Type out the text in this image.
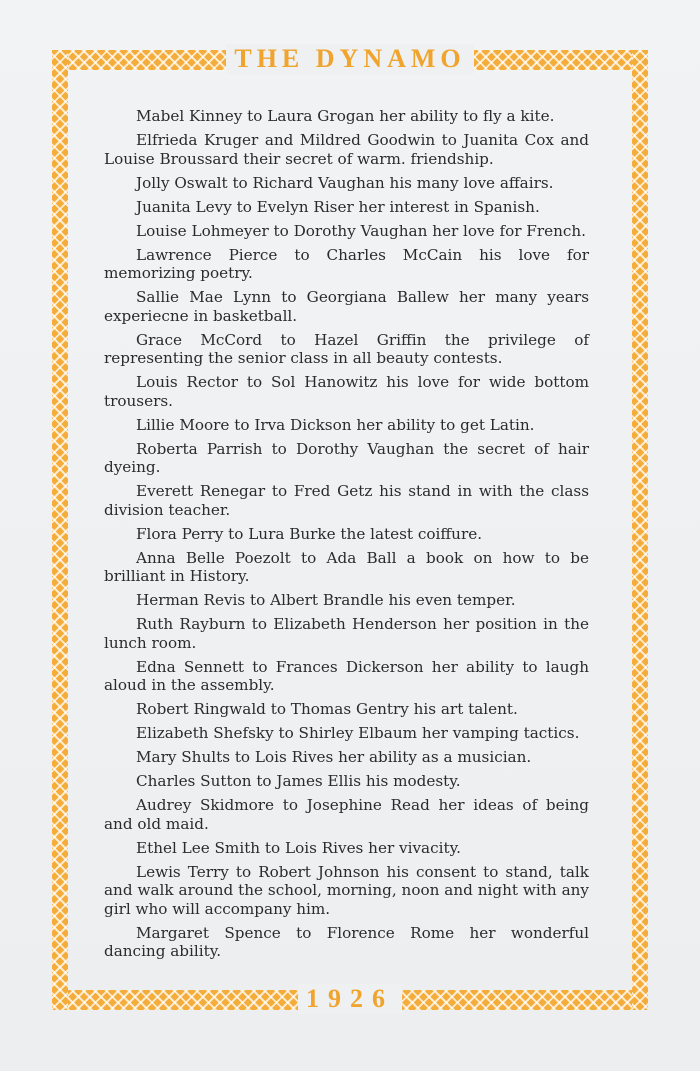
THE DYNAMO

Mabel Kinney to Laura Grogan her ability to fly a kite.

Elfrieda Kruger and Mildred Goodwin to Juanita Cox and Louise Broussard their secret of warm. friendship.

Jolly Oswalt to Richard Vaughan his many love affairs.

Juanita Levy to Evelyn Riser her interest in Spanish.

Louise Lohmeyer to Dorothy Vaughan her love for French.

Lawrence Pierce to Charles McCain his love for memorizing poetry.

Sallie Mae Lynn to Georgiana Ballew her many years experiecne in basketball.

Grace McCord to Hazel Griffin the privilege of representing the senior class in all beauty contests.

Louis Rector to Sol Hanowitz his love for wide bottom trousers.

Lillie Moore to Irva Dickson her ability to get Latin.

Roberta Parrish to Dorothy Vaughan the secret of hair dyeing.

Everett Renegar to Fred Getz his stand in with the class division teacher.

Flora Perry to Lura Burke the latest coiffure.

Anna Belle Poezolt to Ada Ball a book on how to be brilliant in History.

Herman Revis to Albert Brandle his even temper.

Ruth Rayburn to Elizabeth Henderson her position in the lunch room.

Edna Sennett to Frances Dickerson her ability to laugh aloud in the assembly.

Robert Ringwald to Thomas Gentry his art talent.

Elizabeth Shefsky to Shirley Elbaum her vamping tactics.

Mary Shults to Lois Rives her ability as a musician.

Charles Sutton to James Ellis his modesty.

Audrey Skidmore to Josephine Read her ideas of being and old maid.

Ethel Lee Smith to Lois Rives her vivacity.

Lewis Terry to Robert Johnson his consent to stand, talk and walk around the school, morning, noon and night with any girl who will accompany him.

Margaret Spence to Florence Rome her wonderful dancing ability.

1926
